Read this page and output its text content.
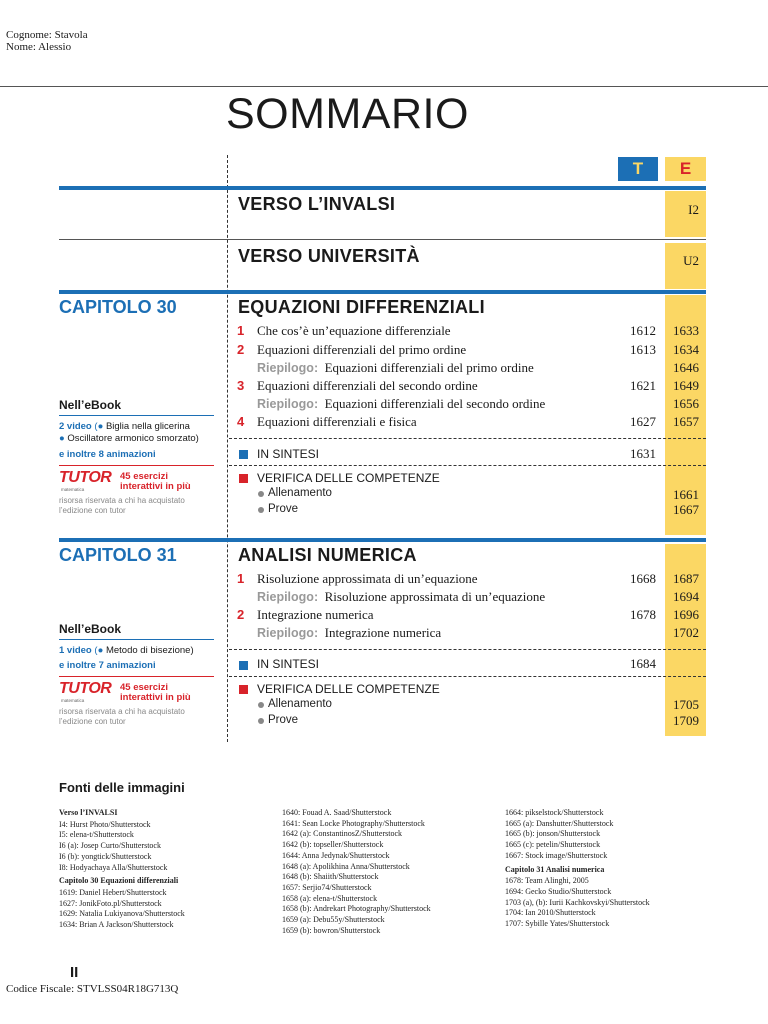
Cognome: Stavola
Nome: Alessio
SOMMARIO
T	E
VERSO L’INVALSI	I2
VERSO UNIVERSITÀ	U2
CAPITOLO 30	EQUAZIONI DIFFERENZIALI
1 Che cos’è un’equazione differenziale	1612	1633
2 Equazioni differenziali del primo ordine	1613	1634
Riepilogo: Equazioni differenziali del primo ordine	1646
3 Equazioni differenziali del secondo ordine	1621	1649
Riepilogo: Equazioni differenziali del secondo ordine	1656
4 Equazioni differenziali e fisica	1627	1657
IN SINTESI	1631
VERIFICA DELLE COMPETENZE
Allenamento	1661
Prove	1667
Nell’eBook
2 video (● Biglia nella glicerina
● Oscillatore armonico smorzato)
e inoltre 8 animazioni
TUTOR
matematica
45 esercizi
interattivi in più
risorsa riservata a chi ha acquistato
l’edizione con tutor
CAPITOLO 31	ANALISI NUMERICA
1 Risoluzione approssimata di un’equazione	1668	1687
Riepilogo: Risoluzione approssimata di un’equazione	1694
2 Integrazione numerica	1678	1696
Riepilogo: Integrazione numerica	1702
IN SINTESI	1684
VERIFICA DELLE COMPETENZE
Allenamento	1705
Prove	1709
Nell’eBook
1 video (● Metodo di bisezione)
e inoltre 7 animazioni
TUTOR
matematica
45 esercizi
interattivi in più
risorsa riservata a chi ha acquistato
l’edizione con tutor
Fonti delle immagini
Verso l’INVALSI
I4: Hurst Photo/Shutterstock
I5: elena-t/Shutterstock
I6 (a): Josep Curto/Shutterstock
I6 (b): yongtick/Shutterstock
I8: Hodyachaya Alla/Shutterstock
Capitolo 30 Equazioni differenziali
1619: Daniel Hebert/Shutterstock
1627: JonikFoto.pl/Shutterstock
1629: Natalia Lukiyanova/Shutterstock
1634: Brian A Jackson/Shutterstock
1640: Fouad A. Saad/Shutterstock
1641: Sean Locke Photography/Shutterstock
1642 (a): ConstantinosZ/Shutterstock
1642 (b): topseller/Shutterstock
1644: Anna Jedynak/Shutterstock
1648 (a): Apolikhina Anna/Shutterstock
1648 (b): Shaiith/Shutterstock
1657: Serjio74/Shutterstock
1658 (a): elena-t/Shutterstock
1658 (b): Andrekart Photography/Shutterstock
1659 (a): Debu55y/Shutterstock
1659 (b): bowron/Shutterstock
1664: pikselstock/Shutterstock
1665 (a): Danshutter/Shutterstock
1665 (b): jonson/Shutterstock
1665 (c): petelin/Shutterstock
1667: Stock image/Shutterstock
Capitolo 31 Analisi numerica
1678: Team Alinghi, 2005
1694: Gecko Studio/Shutterstock
1703 (a), (b): Iurii Kachkovskyi/Shutterstock
1704: Ian 2010/Shutterstock
1707: Sybille Yates/Shutterstock
II
Codice Fiscale: STVLSS04R18G713Q
